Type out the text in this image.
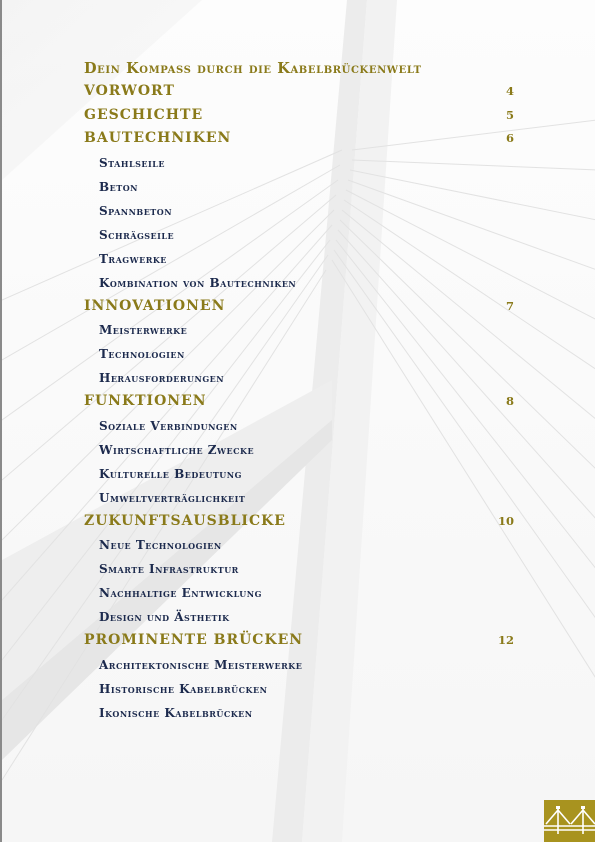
Dein Kompass durch die Kabelbrückenwelt
VORWORT	4
GESCHICHTE	5
BAUTECHNIKEN	6
Stahlseile
Beton
Spannbeton
Schrägseile
Tragwerke
Kombination von Bautechniken
INNOVATIONEN	7
Meisterwerke
Technologien
Herausforderungen
FUNKTIONEN	8
Soziale Verbindungen
Wirtschaftliche Zwecke
Kulturelle Bedeutung
Umweltverträglichkeit
ZUKUNFTSAUSBLICKE	10
Neue Technologien
Smarte Infrastruktur
Nachhaltige Entwicklung
Design und Ästhetik
PROMINENTE BRÜCKEN	12
Architektonische Meisterwerke
Historische Kabelbrücken
Ikonische Kabelbrücken
